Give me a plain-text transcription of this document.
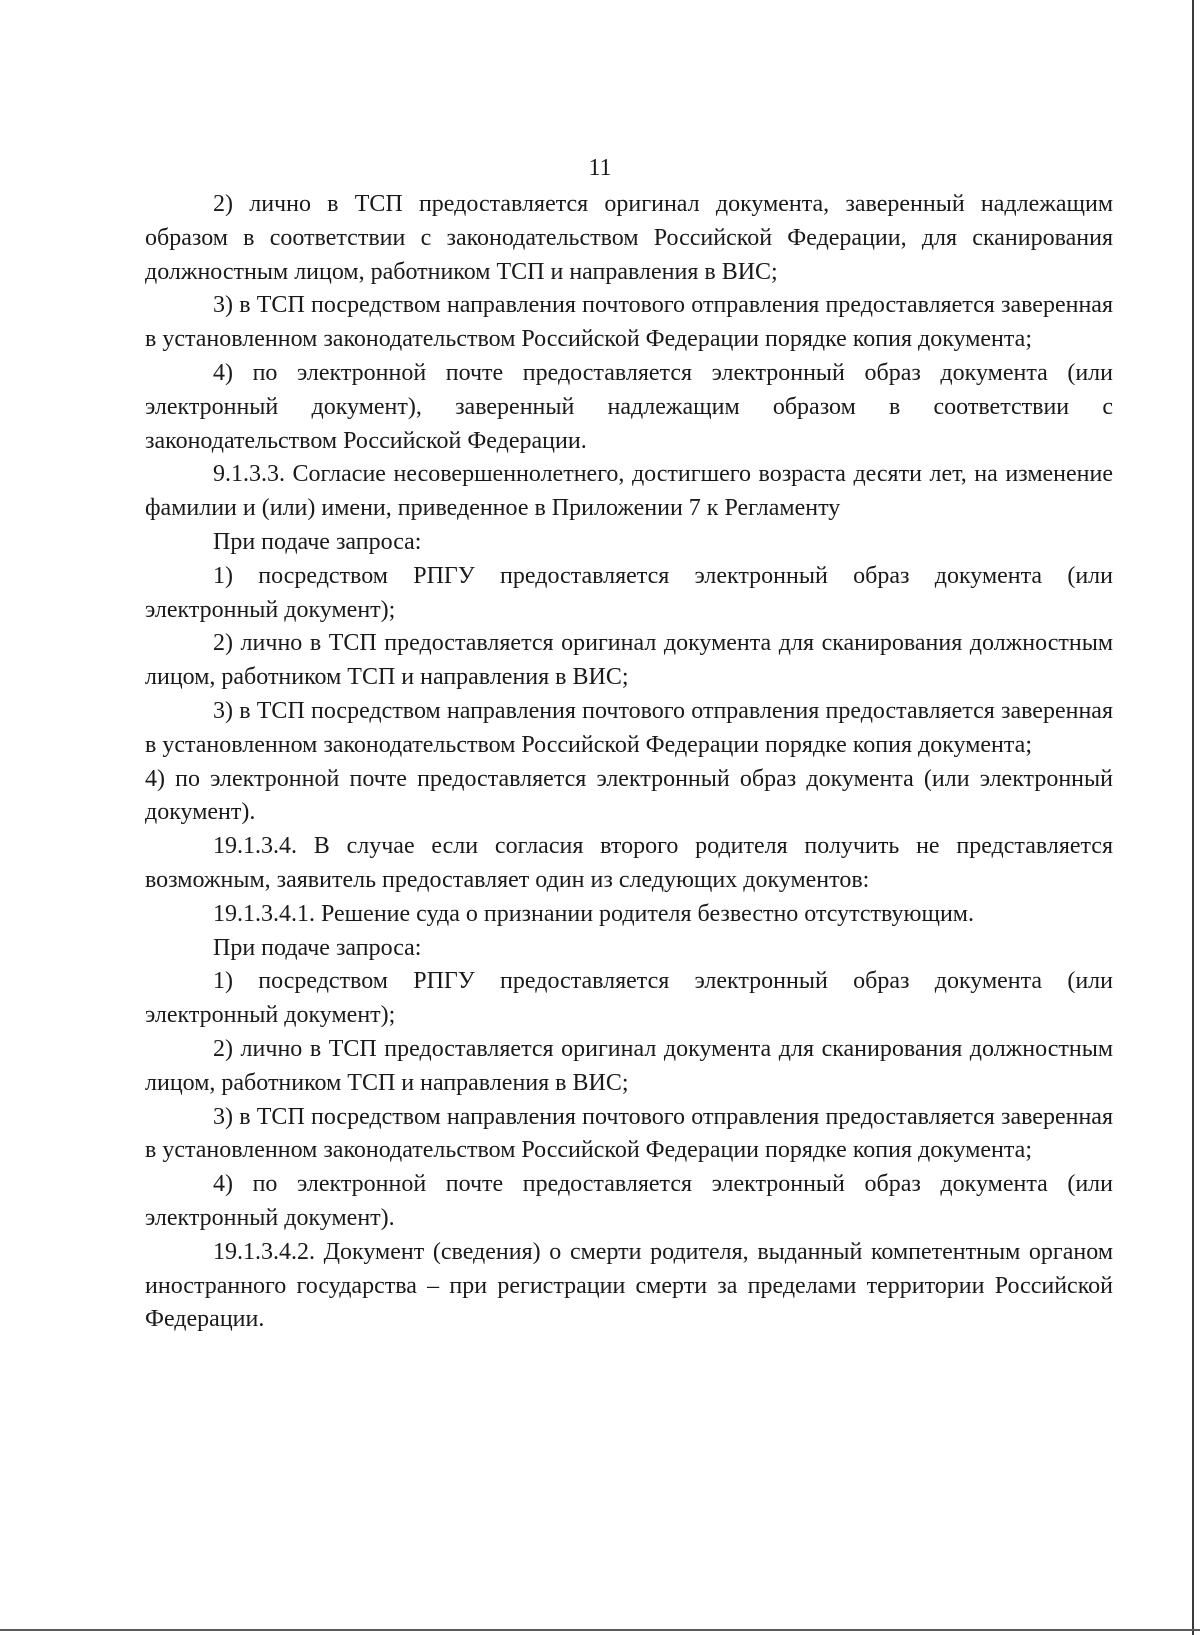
11

2) лично в ТСП предоставляется оригинал документа, заверенный надлежащим образом в соответствии с законодательством Российской Федерации, для сканирования должностным лицом, работником ТСП и направления в ВИС;

3) в ТСП посредством направления почтового отправления предоставляется заверенная в установленном законодательством Российской Федерации порядке копия документа;

4) по электронной почте предоставляется электронный образ документа (или электронный документ), заверенный надлежащим образом в соответствии с законодательством Российской Федерации.

9.1.3.3. Согласие несовершеннолетнего, достигшего возраста десяти лет, на изменение фамилии и (или) имени, приведенное в Приложении 7 к Регламенту

При подаче запроса:

1) посредством РПГУ предоставляется электронный образ документа (или электронный документ);

2) лично в ТСП предоставляется оригинал документа для сканирования должностным лицом, работником ТСП и направления в ВИС;

3) в ТСП посредством направления почтового отправления предоставляется заверенная в установленном законодательством Российской Федерации порядке копия документа;

4) по электронной почте предоставляется электронный образ документа (или электронный документ).

19.1.3.4. В случае если согласия второго родителя получить не представляется возможным, заявитель предоставляет один из следующих документов:

19.1.3.4.1. Решение суда о признании родителя безвестно отсутствующим.

При подаче запроса:

1) посредством РПГУ предоставляется электронный образ документа (или электронный документ);

2) лично в ТСП предоставляется оригинал документа для сканирования должностным лицом, работником ТСП и направления в ВИС;

3) в ТСП посредством направления почтового отправления предоставляется заверенная в установленном законодательством Российской Федерации порядке копия документа;

4) по электронной почте предоставляется электронный образ документа (или электронный документ).

19.1.3.4.2. Документ (сведения) о смерти родителя, выданный компетентным органом иностранного государства – при регистрации смерти за пределами территории Российской Федерации.
